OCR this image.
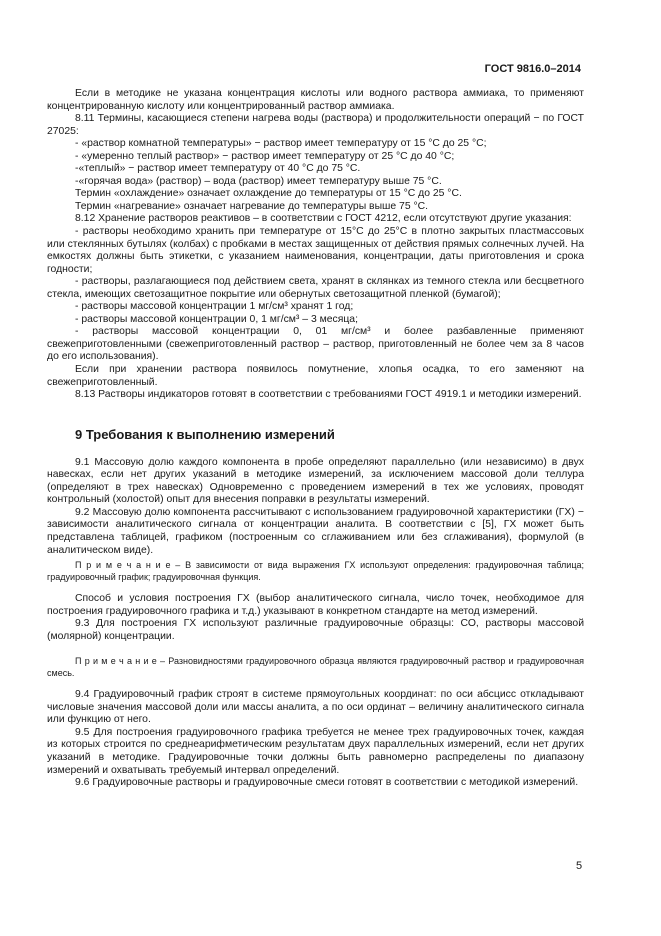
ГОСТ 9816.0–2014

Если в методике не указана концентрация кислоты или водного раствора аммиака, то применяют концентрированную кислоту или концентрированный раствор аммиака.

8.11 Термины, касающиеся степени нагрева воды (раствора) и продолжительности операций − по ГОСТ 27025:

- «раствор комнатной температуры» − раствор имеет температуру от 15 °С до 25 °С;

- «умеренно теплый раствор» − раствор имеет температуру от 25 °С до 40 °С;

-«теплый» − раствор имеет температуру от 40 °С до 75 °С.

-«горячая вода» (раствор) – вода (раствор) имеет температуру выше 75 °С.

Термин «охлаждение» означает охлаждение до температуры от 15 °С до 25 °С.

Термин «нагревание» означает нагревание до температуры выше 75 °С.

8.12 Хранение растворов реактивов – в соответствии с ГОСТ 4212, если отсутствуют другие указания:

- растворы необходимо хранить при температуре от 15°С до 25°С в плотно закрытых пластмассовых или стеклянных бутылях (колбах) с пробками в местах защищенных от действия прямых солнечных лучей. На емкостях должны быть этикетки, с указанием наименования, концентрации, даты приготовления и срока годности;

- растворы, разлагающиеся под действием света, хранят в склянках из темного стекла или бесцветного стекла, имеющих светозащитное покрытие или обернутых светозащитной пленкой (бумагой);

- растворы массовой концентрации 1 мг/см³ хранят 1 год;

- растворы массовой концентрации 0, 1 мг/см³ – 3 месяца;

- растворы массовой концентрации 0, 01 мг/см³ и более разбавленные применяют свежеприготовленными (свежеприготовленный раствор – раствор, приготовленный не более чем за 8 часов до его использования).

Если при хранении раствора появилось помутнение, хлопья осадка, то его заменяют на свежеприготовленный.

8.13 Растворы индикаторов готовят в соответствии с требованиями ГОСТ 4919.1 и методики измерений.

9 Требования к выполнению измерений

9.1 Массовую долю каждого компонента в пробе определяют параллельно (или независимо) в двух навесках, если нет других указаний в методике измерений, за исключением массовой доли теллура (определяют в трех навесках) Одновременно с проведением измерений в тех же условиях, проводят контрольный (холостой) опыт для внесения поправки в результаты измерений.

9.2 Массовую долю компонента рассчитывают с использованием градуировочной характеристики (ГХ) − зависимости аналитического сигнала от концентрации аналита. В соответствии с [5], ГХ может быть представлена таблицей, графиком (построенным со сглаживанием или без сглаживания), формулой (в аналитическом виде).

П р и м е ч а н и е – В зависимости от вида выражения ГХ используют определения: градуировочная таблица; градуировочный график; градуировочная функция.

Способ и условия построения ГХ (выбор аналитического сигнала, число точек, необходимое для построения градуировочного графика и т.д.) указывают в конкретном стандарте на метод измерений.

9.3 Для построения ГХ используют различные градуировочные образцы: СО, растворы массовой (молярной) концентрации.

П р и м е ч а н и е – Разновидностями градуировочного образца являются градуировочный раствор и градуировочная смесь.

9.4 Градуировочный график строят в системе прямоугольных координат: по оси абсцисс откладывают числовые значения массовой доли или массы аналита, а по оси ординат – величину аналитического сигнала или функцию от него.

9.5 Для построения градуировочного графика требуется не менее трех градуировочных точек, каждая из которых строится по среднеарифметическим результатам двух параллельных измерений, если нет других указаний в методике. Градуировочные точки должны быть равномерно распределены по диапазону измерений и охватывать требуемый интервал определений.

9.6 Градуировочные растворы и градуировочные смеси готовят в соответствии с методикой измерений.

5
